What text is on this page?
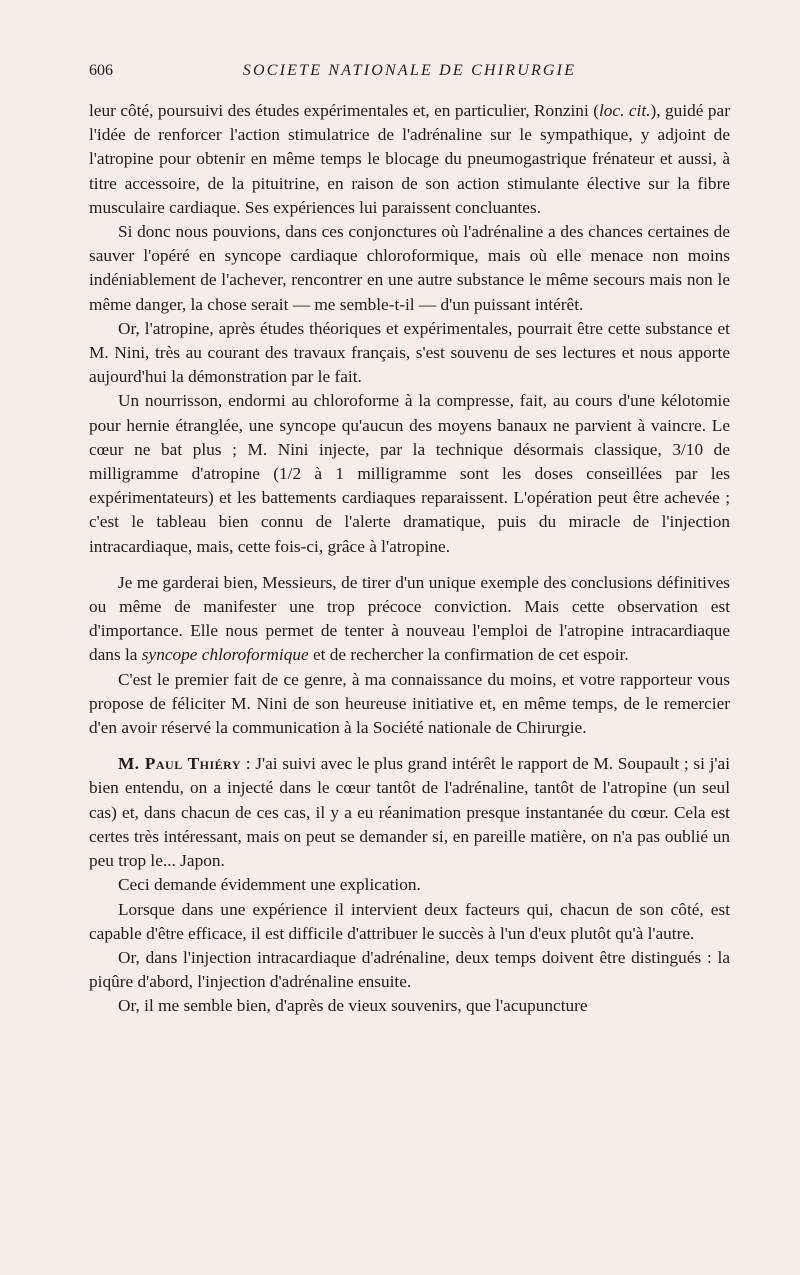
606	SOCIETE NATIONALE DE CHIRURGIE

leur côté, poursuivi des études expérimentales et, en particulier, Ronzini (loc. cit.), guidé par l'idée de renforcer l'action stimulatrice de l'adrénaline sur le sympathique, y adjoint de l'atropine pour obtenir en même temps le blocage du pneumogastrique frénateur et aussi, à titre accessoire, de la pituitrine, en raison de son action stimulante élective sur la fibre musculaire cardiaque. Ses expériences lui paraissent concluantes.

Si donc nous pouvions, dans ces conjonctures où l'adrénaline a des chances certaines de sauver l'opéré en syncope cardiaque chloroformique, mais où elle menace non moins indéniablement de l'achever, rencontrer en une autre substance le même secours mais non le même danger, la chose serait — me semble-t-il — d'un puissant intérêt.

Or, l'atropine, après études théoriques et expérimentales, pourrait être cette substance et M. Nini, très au courant des travaux français, s'est souvenu de ses lectures et nous apporte aujourd'hui la démonstration par le fait.

Un nourrisson, endormi au chloroforme à la compresse, fait, au cours d'une kélotomie pour hernie étranglée, une syncope qu'aucun des moyens banaux ne parvient à vaincre. Le cœur ne bat plus ; M. Nini injecte, par la technique désormais classique, 3/10 de milligramme d'atropine (1/2 à 1 milligramme sont les doses conseillées par les expérimentateurs) et les battements cardiaques reparaissent. L'opération peut être achevée ; c'est le tableau bien connu de l'alerte dramatique, puis du miracle de l'injection intracardiaque, mais, cette fois-ci, grâce à l'atropine.

Je me garderai bien, Messieurs, de tirer d'un unique exemple des conclusions définitives ou même de manifester une trop précoce conviction. Mais cette observation est d'importance. Elle nous permet de tenter à nouveau l'emploi de l'atropine intracardiaque dans la syncope chloroformique et de rechercher la confirmation de cet espoir.

C'est le premier fait de ce genre, à ma connaissance du moins, et votre rapporteur vous propose de féliciter M. Nini de son heureuse initiative et, en même temps, de le remercier d'en avoir réservé la communication à la Société nationale de Chirurgie.

M. Paul Thiéry : J'ai suivi avec le plus grand intérêt le rapport de M. Soupault ; si j'ai bien entendu, on a injecté dans le cœur tantôt de l'adrénaline, tantôt de l'atropine (un seul cas) et, dans chacun de ces cas, il y a eu réanimation presque instantanée du cœur. Cela est certes très intéressant, mais on peut se demander si, en pareille matière, on n'a pas oublié un peu trop le... Japon.

Ceci demande évidemment une explication.

Lorsque dans une expérience il intervient deux facteurs qui, chacun de son côté, est capable d'être efficace, il est difficile d'attribuer le succès à l'un d'eux plutôt qu'à l'autre.

Or, dans l'injection intracardiaque d'adrénaline, deux temps doivent être distingués : la piqûre d'abord, l'injection d'adrénaline ensuite.

Or, il me semble bien, d'après de vieux souvenirs, que l'acupuncture
